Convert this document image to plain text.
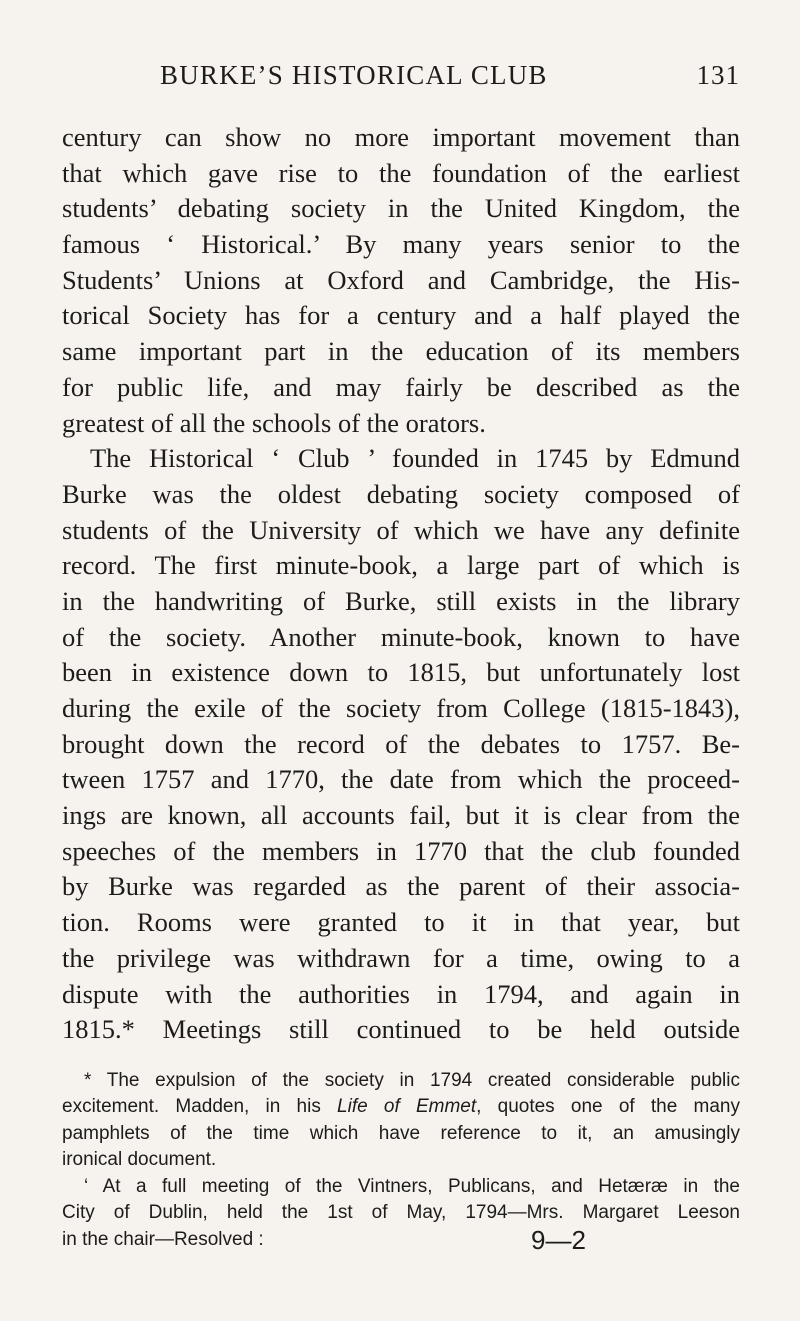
BURKE’S HISTORICAL CLUB	131
century can show no more important movement than
that which gave rise to the foundation of the earliest
students’ debating society in the United Kingdom, the
famous ‘ Historical.’ By many years senior to the
Students’ Unions at Oxford and Cambridge, the His-
torical Society has for a century and a half played the
same important part in the education of its members
for public life, and may fairly be described as the
greatest of all the schools of the orators.
The Historical ‘ Club ’ founded in 1745 by Edmund
Burke was the oldest debating society composed of
students of the University of which we have any definite
record. The first minute-book, a large part of which is
in the handwriting of Burke, still exists in the library
of the society. Another minute-book, known to have
been in existence down to 1815, but unfortunately lost
during the exile of the society from College (1815-1843),
brought down the record of the debates to 1757. Be-
tween 1757 and 1770, the date from which the proceed-
ings are known, all accounts fail, but it is clear from the
speeches of the members in 1770 that the club founded
by Burke was regarded as the parent of their associa-
tion. Rooms were granted to it in that year, but
the privilege was withdrawn for a time, owing to a
dispute with the authorities in 1794, and again in
1815.* Meetings still continued to be held outside
* The expulsion of the society in 1794 created considerable public
excitement. Madden, in his Life of Emmet, quotes one of the many
pamphlets of the time which have reference to it, an amusingly
ironical document.
‘ At a full meeting of the Vintners, Publicans, and Hetæræ in the
City of Dublin, held the 1st of May, 1794—Mrs. Margaret Leeson
in the chair—Resolved :	9—2
